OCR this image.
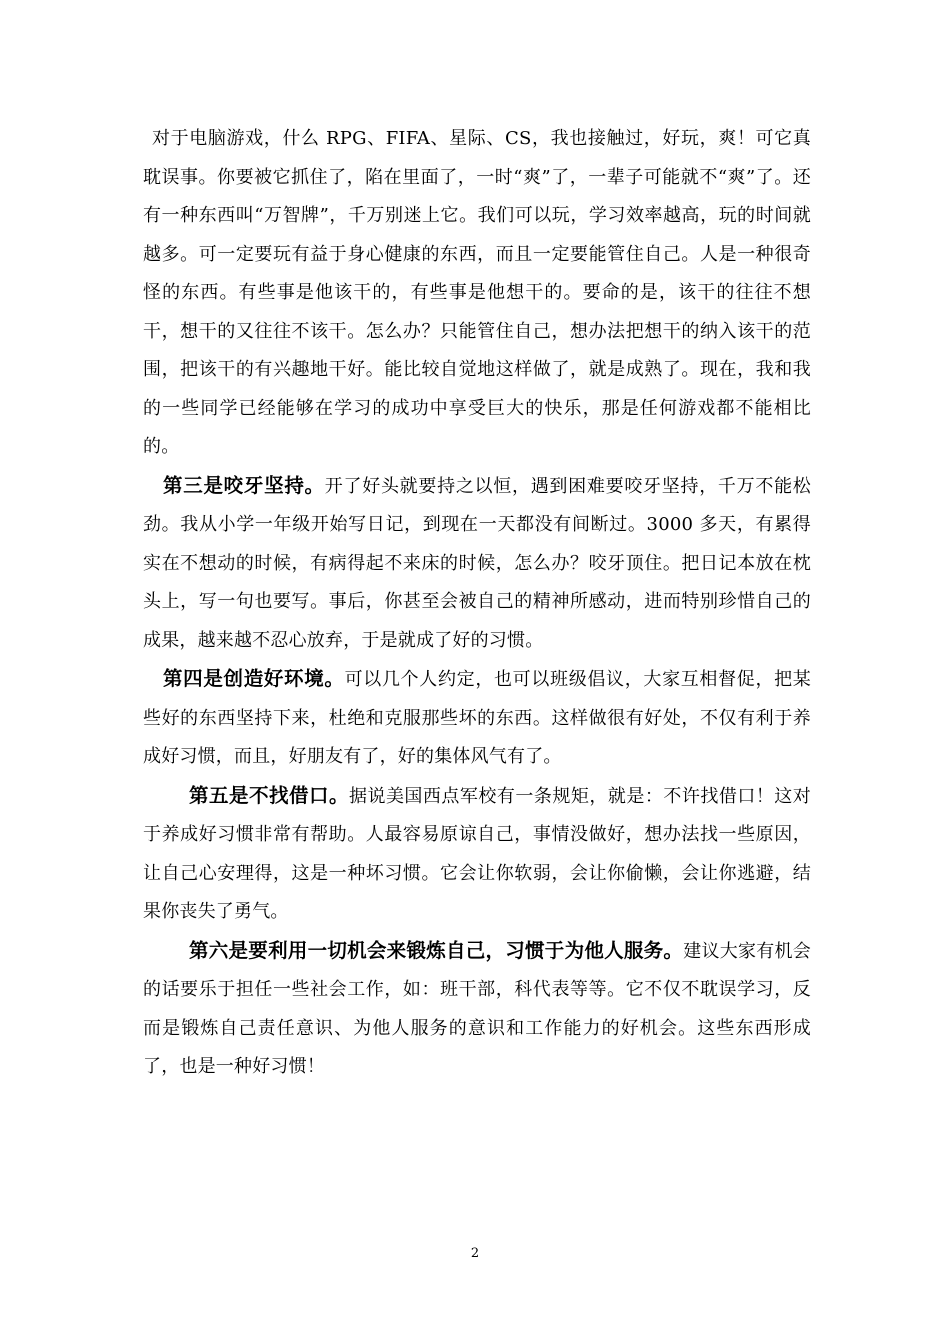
对于电脑游戏，什么 RPG、FIFA、星际、CS，我也接触过，好玩，爽！可它真耽误事。你要被它抓住了，陷在里面了，一时“爽”了，一辈子可能就不“爽”了。还有一种东西叫“万智牌”，千万别迷上它。我们可以玩，学习效率越高，玩的时间就越多。可一定要玩有益于身心健康的东西，而且一定要能管住自己。人是一种很奇怪的东西。有些事是他该干的，有些事是他想干的。要命的是，该干的往往不想干，想干的又往往不该干。怎么办？只能管住自己，想办法把想干的纳入该干的范围，把该干的有兴趣地干好。能比较自觉地这样做了，就是成熟了。现在，我和我的一些同学已经能够在学习的成功中享受巨大的快乐，那是任何游戏都不能相比的。

第三是咬牙坚持。开了好头就要持之以恒，遇到困难要咬牙坚持，千万不能松劲。我从小学一年级开始写日记，到现在一天都没有间断过。3000 多天，有累得实在不想动的时候，有病得起不来床的时候，怎么办？咬牙顶住。把日记本放在枕头上，写一句也要写。事后，你甚至会被自己的精神所感动，进而特别珍惜自己的成果，越来越不忍心放弃，于是就成了好的习惯。

第四是创造好环境。可以几个人约定，也可以班级倡议，大家互相督促，把某些好的东西坚持下来，杜绝和克服那些坏的东西。这样做很有好处，不仅有利于养成好习惯，而且，好朋友有了，好的集体风气有了。

第五是不找借口。据说美国西点军校有一条规矩，就是：不许找借口！这对于养成好习惯非常有帮助。人最容易原谅自己，事情没做好，想办法找一些原因，让自己心安理得，这是一种坏习惯。它会让你软弱，会让你偷懒，会让你逃避，结果你丧失了勇气。

第六是要利用一切机会来锻炼自己，习惯于为他人服务。建议大家有机会的话要乐于担任一些社会工作，如：班干部，科代表等等。它不仅不耽误学习，反而是锻炼自己责任意识、为他人服务的意识和工作能力的好机会。这些东西形成了，也是一种好习惯！

2
